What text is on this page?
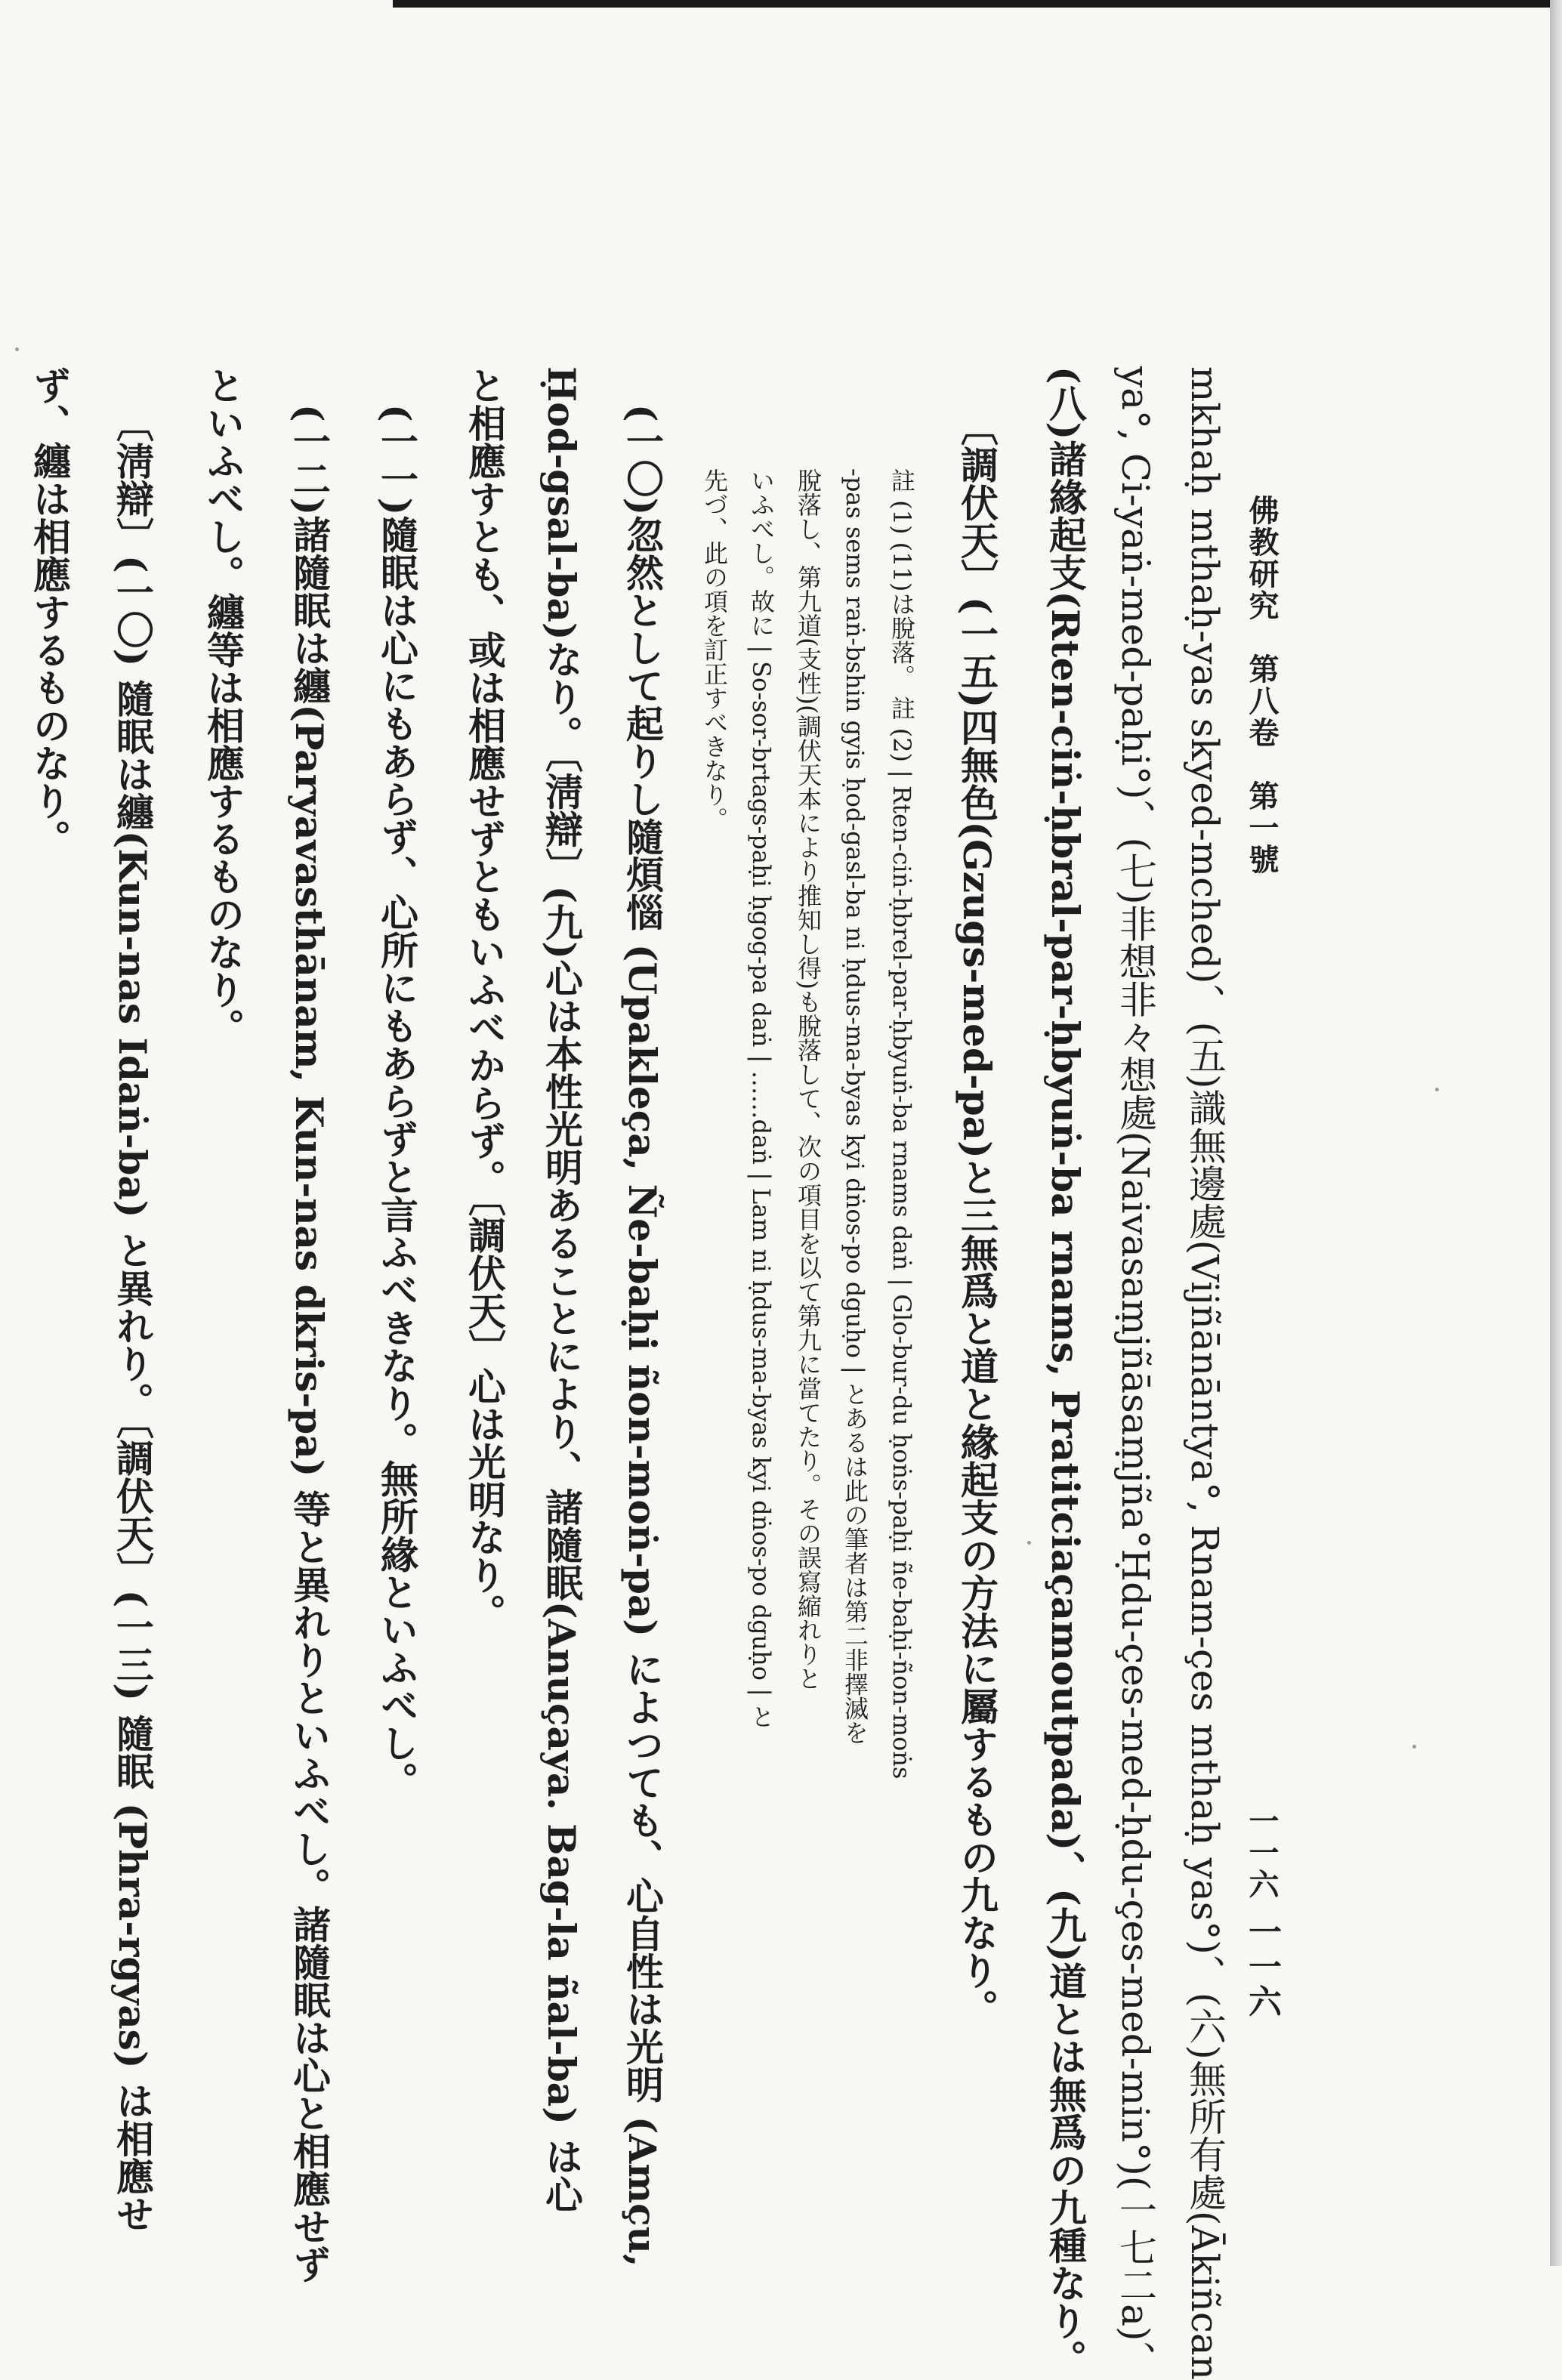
佛教研究　第八卷　第一號
一一六
一一六
mkhaḥ mthaḥ-yas skyed-mched)、(五)識無邊處(Vijñānāntya°, Rnam-çes mthaḥ yas°)、(六)無所有處(Ākiñcan
ya°, Ci-yaṅ-med-paḥi°)、(七)非想非々想處(Naivasaṃjñāsaṃjña°Ḥdu-çes-med-ḥdu-çes-med-min°)(一七二a)、
(八)諸緣起支(Rten-ciṅ-ḥbral-par-ḥbyuṅ-ba rnams, Pratitciaçamoutpada)、(九)道とは無爲の九種なり。
〔調伏天〕(一五)四無色(Gzugs-med-pa)と三無爲と道と緣起支の方法に屬するもの九なり。
註 (1) (11)は脫落。 註 (2) | Rten-ciṅ-ḥbrel-par-ḥbyuṅ-ba rnams daṅ | Glo-bur-du ḥoṅs-paḥi ñe-baḥi-ñon-moṅs
-pas sems raṅ-bshin gyis ḥod-gasl-ba ni ḥdus-ma-byas kyi dṅos-po dguḥo | とあるは此の筆者は第二非擇滅を
脫落し、第九道(支性)(調伏天本により推知し得)も脫落して、次の項目を以て第九に當てたり。その誤寫縮れりと
いふべし。故に | So-sor-brtags-paḥi ḥgog-pa daṅ | ……daṅ | Lam ni ḥdus-ma-byas kyi dṅos-po dguḥo | と
先づ、此の項を訂正すべきなり。
(一〇)忽然として起りし隨煩惱 (Upakleça, Ñe-baḥi ñon-moṅ-pa) によつても、心自性は光明 (Amçu,
Ḥod-gsal-ba)なり。〔淸辯〕(九)心は本性光明あることにより、諸隨眠(Anuçaya. Bag-la ñal-ba) は心
と相應すとも、或は相應せずともいふべからず。〔調伏天〕心は光明なり。
(一一)隨眠は心にもあらず、心所にもあらずと言ふべきなり。無所緣といふべし。
(一二)諸隨眠は纏(Paryavasthānam, Kun-nas dkris-pa) 等と異れりといふべし。諸隨眠は心と相應せず
といふべし。纏等は相應するものなり。
〔淸辯〕(一〇) 隨眠は纏(Kun-nas Idaṅ-ba) と異れり。〔調伏天〕(一三) 隨眠 (Phra-rgyas) は相應せ
ず、纏は相應するものなり。
